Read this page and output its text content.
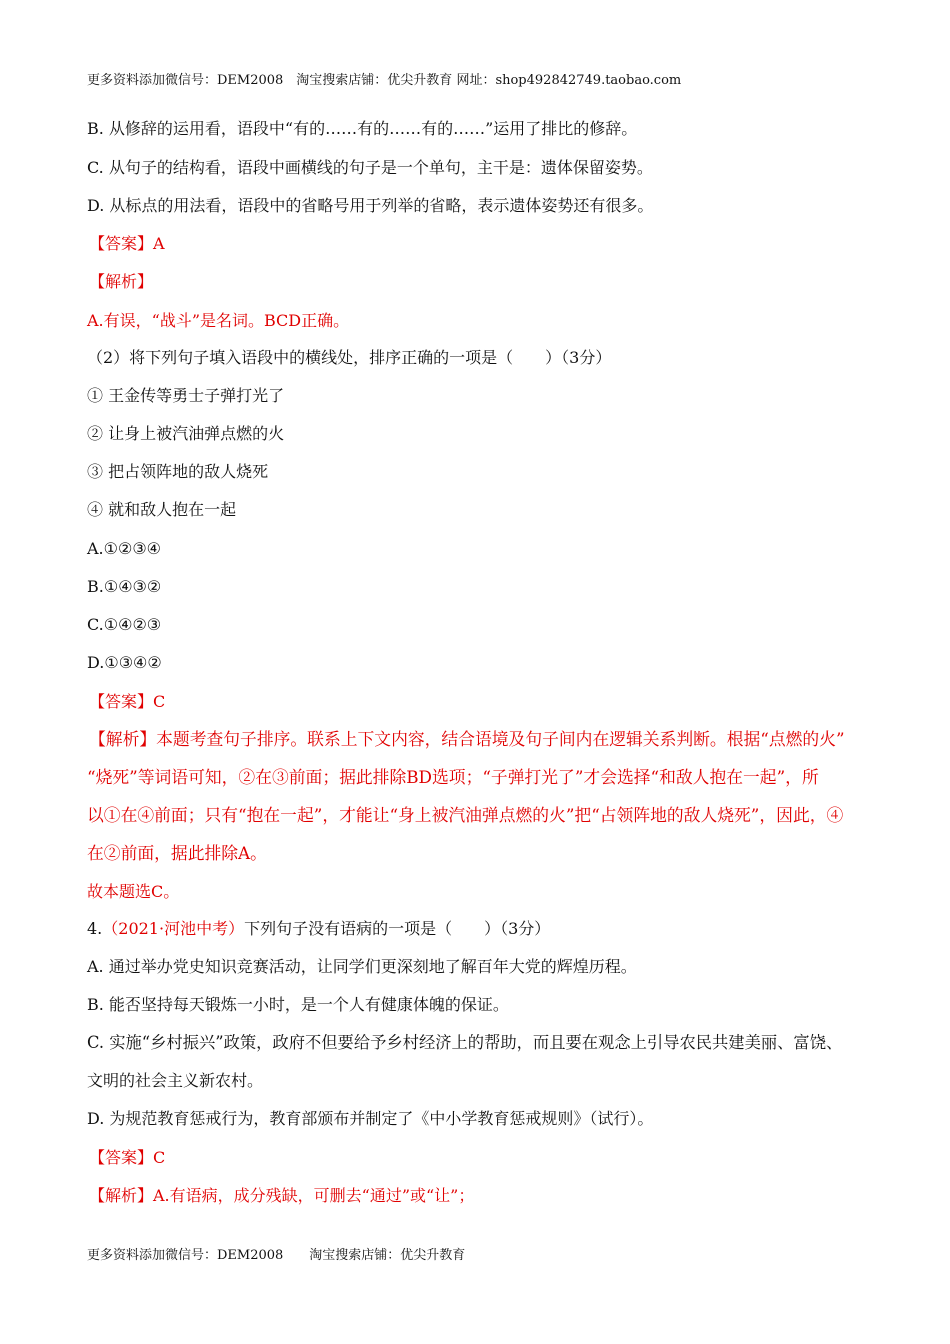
更多资料添加微信号：DEM2008　淘宝搜索店铺：优尖升教育 网址：shop492842749.taobao.com
B. 从修辞的运用看，语段中“有的……有的……有的……”运用了排比的修辞。
C. 从句子的结构看，语段中画横线的句子是一个单句，主干是：遗体保留姿势。
D. 从标点的用法看，语段中的省略号用于列举的省略，表示遗体姿势还有很多。
【答案】A
【解析】
A.有误，“战斗”是名词。BCD正确。
（2）将下列句子填入语段中的横线处，排序正确的一项是（　　）（3分）
① 王金传等勇士子弹打光了
② 让身上被汽油弹点燃的火
③ 把占领阵地的敌人烧死
④ 就和敌人抱在一起
A.①②③④
B.①④③②
C.①④②③
D.①③④②
【答案】C
【解析】本题考查句子排序。联系上下文内容，结合语境及句子间内在逻辑关系判断。根据“点燃的火”
“烧死”等词语可知，②在③前面；据此排除BD选项；“子弹打光了”才会选择“和敌人抱在一起”，所
以①在④前面；只有“抱在一起”，才能让“身上被汽油弹点燃的火”把“占领阵地的敌人烧死”，因此，④
在②前面，据此排除A。
故本题选C。
4.（2021·河池中考）下列句子没有语病的一项是（　　）（3分）
A. 通过举办党史知识竞赛活动，让同学们更深刻地了解百年大党的辉煌历程。
B. 能否坚持每天锻炼一小时，是一个人有健康体魄的保证。
C. 实施“乡村振兴”政策，政府不但要给予乡村经济上的帮助，而且要在观念上引导农民共建美丽、富饶、
文明的社会主义新农村。
D. 为规范教育惩戒行为，教育部颁布并制定了《中小学教育惩戒规则》（试行）。
【答案】C
【解析】A.有语病，成分残缺，可删去“通过”或“让”；
更多资料添加微信号：DEM2008　　淘宝搜索店铺：优尖升教育
